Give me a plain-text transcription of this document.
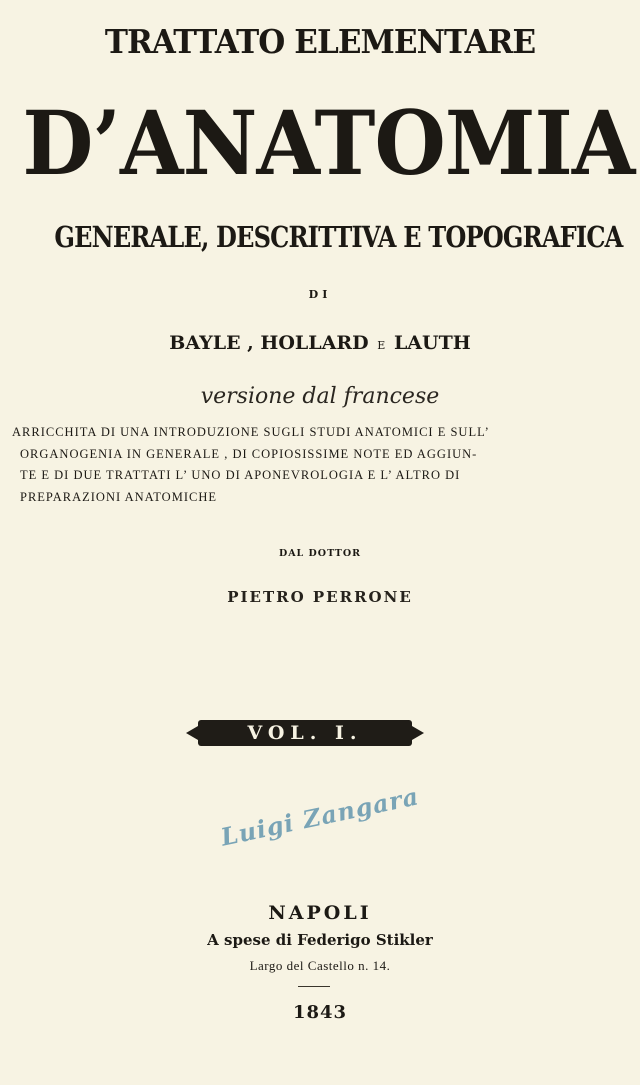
TRATTATO ELEMENTARE
D’ANATOMIA
GENERALE, DESCRITTIVA E TOPOGRAFICA
DI
BAYLE , HOLLARD E LAUTH
versione dal francese
ARRICCHITA DI UNA INTRODUZIONE SUGLI STUDI ANATOMICI E SULL’
ORGANOGENIA IN GENERALE , DI COPIOSISSIME NOTE ED AGGIUN-
TE E DI DUE TRATTATI L’ UNO DI APONEVROLOGIA E L’ ALTRO DI
PREPARAZIONI ANATOMICHE
DAL DOTTOR
PIETRO PERRONE
VOL. I.
Luigi Zangara
NAPOLI
A spese di Federigo Stikler
Largo del Castello n. 14.
1843
